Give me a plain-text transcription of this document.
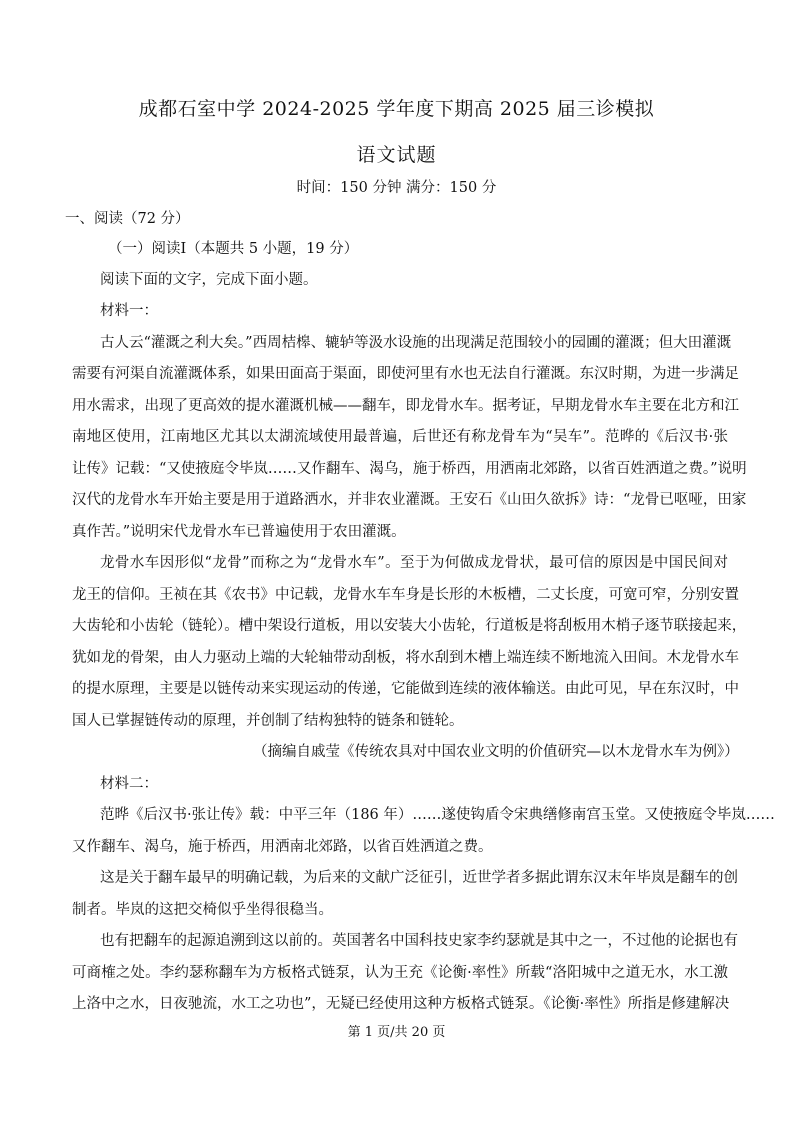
成都石室中学 2024-2025 学年度下期高 2025 届三诊模拟
语文试题
时间：150 分钟 满分：150 分
一、阅读（72 分）
（一）阅读Ⅰ（本题共 5 小题，19 分）
阅读下面的文字，完成下面小题。
材料一：
古人云“灌溉之利大矣。”西周桔槔、辘轳等汲水设施的出现满足范围较小的园圃的灌溉；但大田灌溉
需要有河渠自流灌溉体系，如果田面高于渠面，即使河里有水也无法自行灌溉。东汉时期，为进一步满足
用水需求，出现了更高效的提水灌溉机械——翻车，即龙骨水车。据考证，早期龙骨水车主要在北方和江
南地区使用，江南地区尤其以太湖流域使用最普遍，后世还有称龙骨车为“吴车”。范晔的《后汉书·张
让传》记载：“又使掖庭令毕岚……又作翻车、渴乌，施于桥西，用洒南北郊路，以省百姓洒道之费。”说明
汉代的龙骨水车开始主要是用于道路洒水，并非农业灌溉。王安石《山田久欲拆》诗：“龙骨已呕哑，田家
真作苦。”说明宋代龙骨水车已普遍使用于农田灌溉。
龙骨水车因形似“龙骨”而称之为“龙骨水车”。至于为何做成龙骨状，最可信的原因是中国民间对
龙王的信仰。王祯在其《农书》中记载，龙骨水车车身是长形的木板槽，二丈长度，可宽可窄，分别安置
大齿轮和小齿轮（链轮）。槽中架设行道板，用以安装大小齿轮，行道板是将刮板用木梢子逐节联接起来，
犹如龙的骨架，由人力驱动上端的大轮轴带动刮板，将水刮到木槽上端连续不断地流入田间。木龙骨水车
的提水原理，主要是以链传动来实现运动的传递，它能做到连续的液体输送。由此可见，早在东汉时，中
国人已掌握链传动的原理，并创制了结构独特的链条和链轮。
（摘编自戚莹《传统农具对中国农业文明的价值研究—以木龙骨水车为例》）
材料二：
范晔《后汉书·张让传》载：中平三年（186 年）……遂使钩盾令宋典缮修南宫玉堂。又使掖庭令毕岚……
又作翻车、渴乌，施于桥西，用洒南北郊路，以省百姓洒道之费。
这是关于翻车最早的明确记载，为后来的文献广泛征引，近世学者多据此谓东汉末年毕岚是翻车的创
制者。毕岚的这把交椅似乎坐得很稳当。
也有把翻车的起源追溯到这以前的。英国著名中国科技史家李约瑟就是其中之一，不过他的论据也有
可商榷之处。李约瑟称翻车为方板格式链泵，认为王充《论衡·率性》所载“洛阳城中之道无水，水工激
上洛中之水，日夜驰流，水工之功也”，无疑已经使用这种方板格式链泵。《论衡·率性》所指是修建解决
第 1 页/共 20 页
